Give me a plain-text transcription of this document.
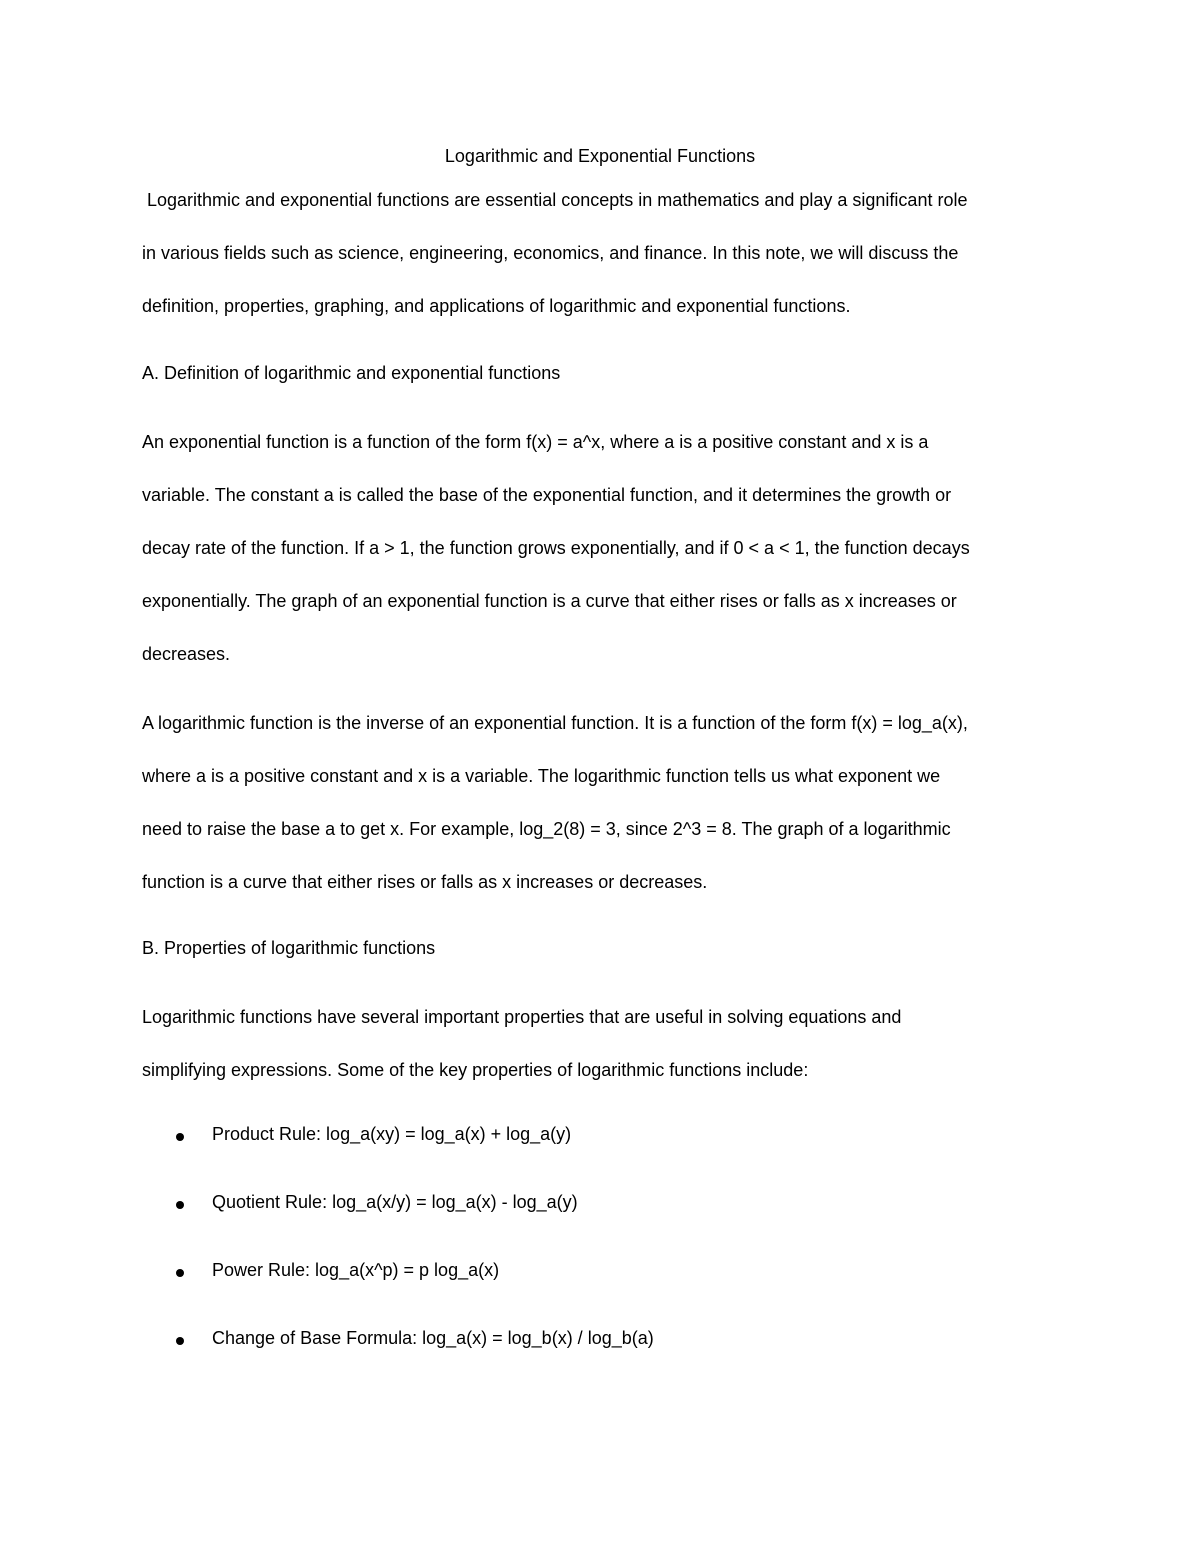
Logarithmic and Exponential Functions

Logarithmic and exponential functions are essential concepts in mathematics and play a significant role
in various fields such as science, engineering, economics, and finance. In this note, we will discuss the
definition, properties, graphing, and applications of logarithmic and exponential functions.

A. Definition of logarithmic and exponential functions

An exponential function is a function of the form f(x) = a^x, where a is a positive constant and x is a
variable. The constant a is called the base of the exponential function, and it determines the growth or
decay rate of the function. If a > 1, the function grows exponentially, and if 0 < a < 1, the function decays
exponentially. The graph of an exponential function is a curve that either rises or falls as x increases or
decreases.

A logarithmic function is the inverse of an exponential function. It is a function of the form f(x) = log_a(x),
where a is a positive constant and x is a variable. The logarithmic function tells us what exponent we
need to raise the base a to get x. For example, log_2(8) = 3, since 2^3 = 8. The graph of a logarithmic
function is a curve that either rises or falls as x increases or decreases.

B. Properties of logarithmic functions

Logarithmic functions have several important properties that are useful in solving equations and
simplifying expressions. Some of the key properties of logarithmic functions include:

Product Rule: log_a(xy) = log_a(x) + log_a(y)
Quotient Rule: log_a(x/y) = log_a(x) - log_a(y)
Power Rule: log_a(x^p) = p log_a(x)
Change of Base Formula: log_a(x) = log_b(x) / log_b(a)
